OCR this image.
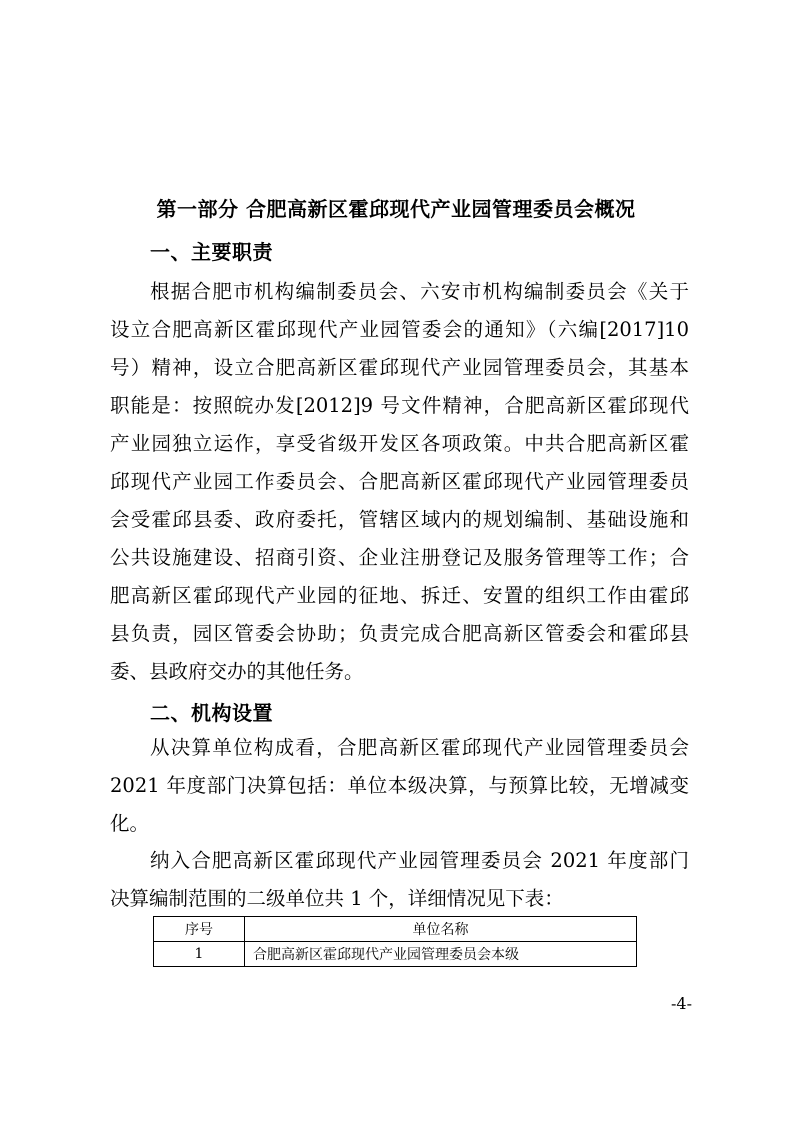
第一部分 合肥高新区霍邱现代产业园管理委员会概况
一、主要职责
根据合肥市机构编制委员会、六安市机构编制委员会《关于
设立合肥高新区霍邱现代产业园管委会的通知》（六编[2017]10
号）精神，设立合肥高新区霍邱现代产业园管理委员会，其基本
职能是：按照皖办发[2012]9 号文件精神，合肥高新区霍邱现代
产业园独立运作，享受省级开发区各项政策。中共合肥高新区霍
邱现代产业园工作委员会、合肥高新区霍邱现代产业园管理委员
会受霍邱县委、政府委托，管辖区域内的规划编制、基础设施和
公共设施建设、招商引资、企业注册登记及服务管理等工作；合
肥高新区霍邱现代产业园的征地、拆迁、安置的组织工作由霍邱
县负责，园区管委会协助；负责完成合肥高新区管委会和霍邱县
委、县政府交办的其他任务。
二、机构设置
从决算单位构成看，合肥高新区霍邱现代产业园管理委员会
2021 年度部门决算包括：单位本级决算，与预算比较，无增减变
化。
纳入合肥高新区霍邱现代产业园管理委员会 2021 年度部门
决算编制范围的二级单位共 1 个，详细情况见下表：
序号	单位名称
1	合肥高新区霍邱现代产业园管理委员会本级
-4-
